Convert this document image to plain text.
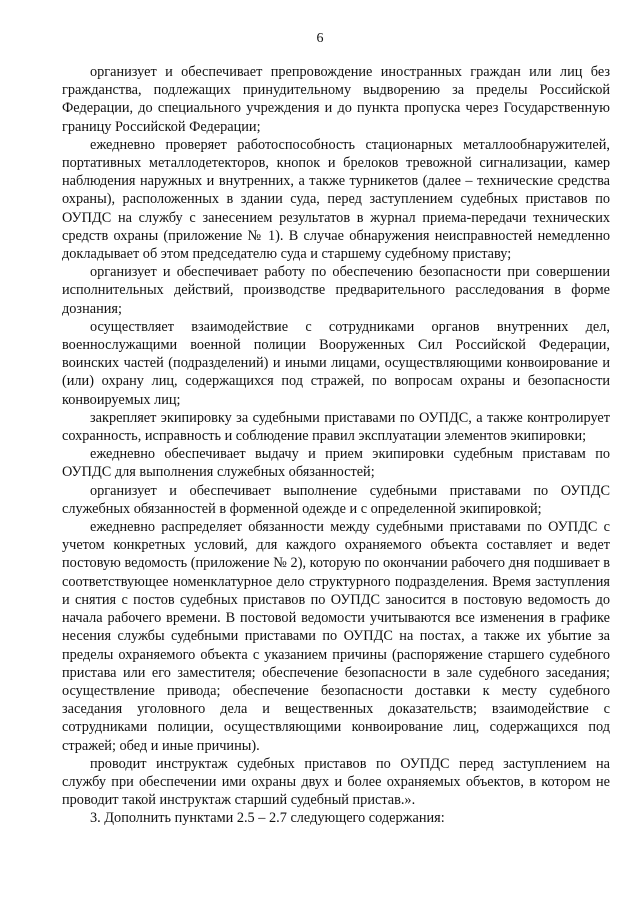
6

организует и обеспечивает препровождение иностранных граждан или лиц без гражданства, подлежащих принудительному выдворению за пределы Российской Федерации, до специального учреждения и до пункта пропуска через Государственную границу Российской Федерации;

ежедневно проверяет работоспособность стационарных металлообнаружителей, портативных металлодетекторов, кнопок и брелоков тревожной сигнализации, камер наблюдения наружных и внутренних, а также турникетов (далее – технические средства охраны), расположенных в здании суда, перед заступлением судебных приставов по ОУПДС на службу с занесением результатов в журнал приема-передачи технических средств охраны (приложение № 1). В случае обнаружения неисправностей немедленно докладывает об этом председателю суда и старшему судебному приставу;

организует и обеспечивает работу по обеспечению безопасности при совершении исполнительных действий, производстве предварительного расследования в форме дознания;

осуществляет взаимодействие с сотрудниками органов внутренних дел, военнослужащими военной полиции Вооруженных Сил Российской Федерации, воинских частей (подразделений) и иными лицами, осуществляющими конвоирование и (или) охрану лиц, содержащихся под стражей, по вопросам охраны и безопасности конвоируемых лиц;

закрепляет экипировку за судебными приставами по ОУПДС, а также контролирует сохранность, исправность и соблюдение правил эксплуатации элементов экипировки;

ежедневно обеспечивает выдачу и прием экипировки судебным приставам по ОУПДС для выполнения служебных обязанностей;

организует и обеспечивает выполнение судебными приставами по ОУПДС служебных обязанностей в форменной одежде и с определенной экипировкой;

ежедневно распределяет обязанности между судебными приставами по ОУПДС с учетом конкретных условий, для каждого охраняемого объекта составляет и ведет постовую ведомость (приложение № 2), которую по окончании рабочего дня подшивает в соответствующее номенклатурное дело структурного подразделения. Время заступления и снятия с постов судебных приставов по ОУПДС заносится в постовую ведомость до начала рабочего времени. В постовой ведомости учитываются все изменения в графике несения службы судебными приставами по ОУПДС на постах, а также их убытие за пределы охраняемого объекта с указанием причины (распоряжение старшего судебного пристава или его заместителя; обеспечение безопасности в зале судебного заседания; осуществление привода; обеспечение безопасности доставки к месту судебного заседания уголовного дела и вещественных доказательств; взаимодействие с сотрудниками полиции, осуществляющими конвоирование лиц, содержащихся под стражей; обед и иные причины).

проводит инструктаж судебных приставов по ОУПДС перед заступлением на службу при обеспечении ими охраны двух и более охраняемых объектов, в котором не проводит такой инструктаж старший судебный пристав.».

3. Дополнить пунктами 2.5 – 2.7 следующего содержания:
